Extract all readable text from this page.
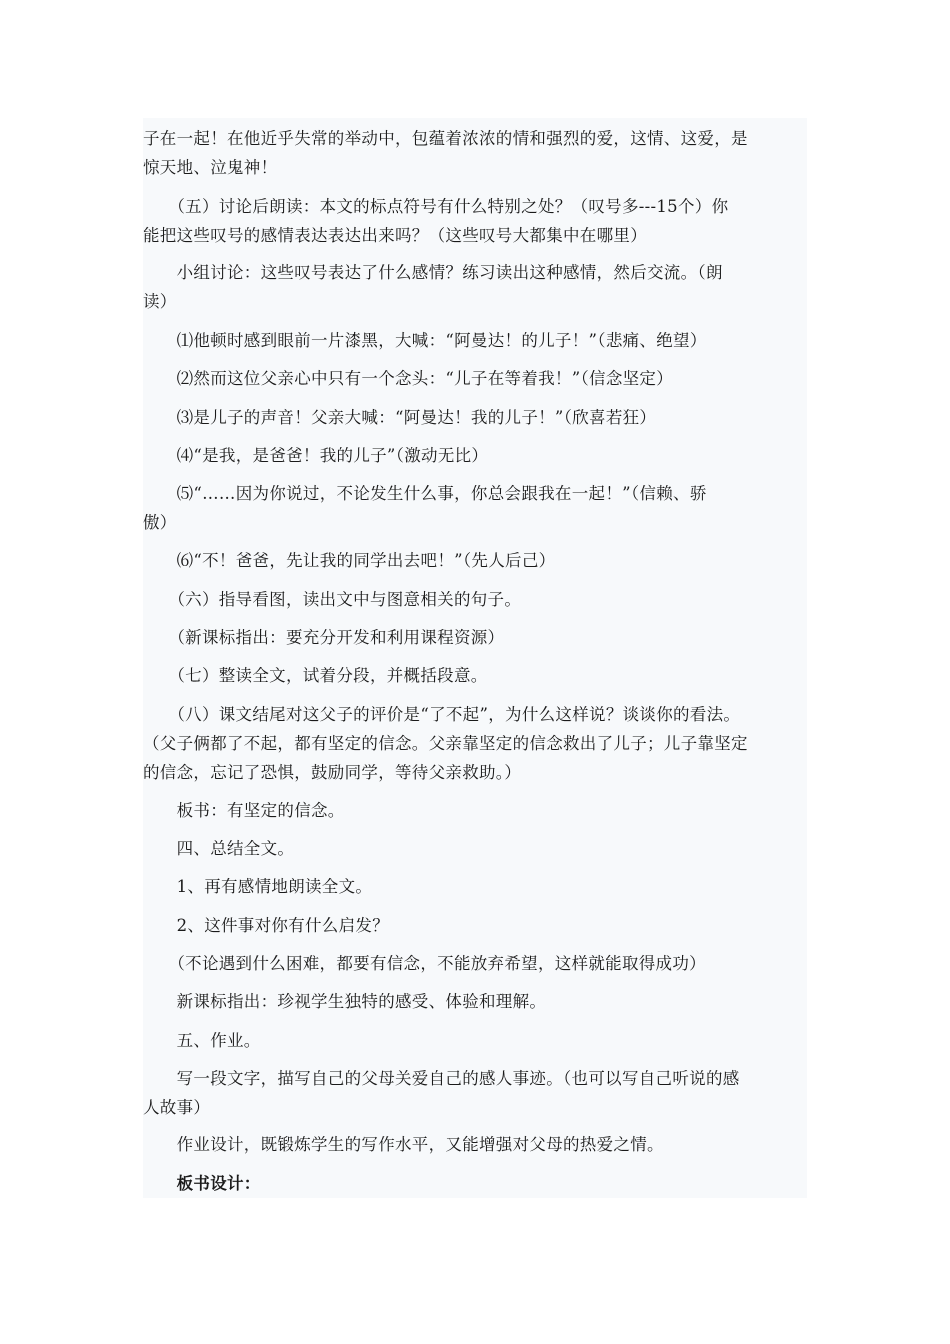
子在一起！在他近乎失常的举动中，包蕴着浓浓的情和强烈的爱，这情、这爱，是
惊天地、泣鬼神！

　　（五）讨论后朗读：本文的标点符号有什么特别之处？（叹号多---15个）你
能把这些叹号的感情表达表达出来吗？（这些叹号大都集中在哪里）

　　小组讨论：这些叹号表达了什么感情？练习读出这种感情，然后交流。（朗
读）

　　⑴他顿时感到眼前一片漆黑，大喊：“阿曼达！的儿子！”（悲痛、绝望）

　　⑵然而这位父亲心中只有一个念头：“儿子在等着我！”（信念坚定）

　　⑶是儿子的声音！父亲大喊：“阿曼达！我的儿子！”（欣喜若狂）

　　⑷“是我，是爸爸！我的儿子”（激动无比）

　　⑸“……因为你说过，不论发生什么事，你总会跟我在一起！”（信赖、骄
傲）

　　⑹“不！爸爸，先让我的同学出去吧！”（先人后己）

　　（六）指导看图，读出文中与图意相关的句子。

　　（新课标指出：要充分开发和利用课程资源）

　　（七）整读全文，试着分段，并概括段意。

　　（八）课文结尾对这父子的评价是“了不起”，为什么这样说？谈谈你的看法。
（父子俩都了不起，都有坚定的信念。父亲靠坚定的信念救出了儿子；儿子靠坚定
的信念，忘记了恐惧，鼓励同学，等待父亲救助。）

　　板书：有坚定的信念。

　　四、总结全文。

　　1、再有感情地朗读全文。

　　2、这件事对你有什么启发？

　　（不论遇到什么困难，都要有信念，不能放弃希望，这样就能取得成功）

　　新课标指出：珍视学生独特的感受、体验和理解。

　　五、作业。

　　写一段文字，描写自己的父母关爱自己的感人事迹。（也可以写自己听说的感
人故事）

　　作业设计，既锻炼学生的写作水平，又能增强对父母的热爱之情。

　　板书设计：
